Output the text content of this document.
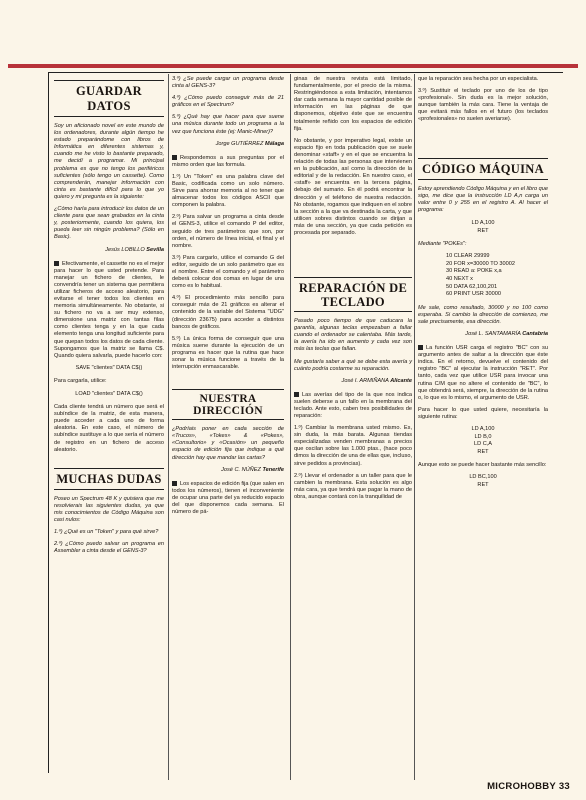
GUARDAR DATOS

Soy un aficionado novel en este mundo de los ordenadores, durante algún tiempo he estado preparándome con libros de Informática en diferentes sistemas y, cuando me he visto lo bastante preparado, me decidí a programar. Mi principal problema es que no tengo los periféricos suficientes (sólo tengo un cassette). Como comprenderán, manejar información con cinta es bastante difícil para lo que yo quiero y mi pregunta es la siguiente:

¿Cómo haría para introducir los datos de un cliente para que sean grabados en la cinta y, posteriormente, cuando los quiera, los pueda leer sin ningún problema? (Sólo en Basic).

Jesús LOBILLO Sevilla

Efectivamente, el cassette no es el mejor para hacer lo que usted pretende. Para manejar un fichero de clientes, le convendría tener un sistema que permitiera utilizar ficheros de acceso aleatorio, para evitarse el tener todos los clientes en memoria simultáneamente. No obstante, si su fichero no va a ser muy extenso, dimensione una matriz con tantas filas como clientes tenga y en la que cada elemento tenga una longitud suficiente para que quepan todos los datos de cada cliente. Supongamos que la matriz se llama C$. Quando quiera salvarla, puede hacerlo con:

SAVE "clientes" DATA C$()

Para cargarla, utilice:

LOAD "clientes" DATA C$()

Cada cliente tendrá un número que será el subíndice de la matriz, de esta manera, puede acceder a cada uno de forma aleatoria. En este caso, el número de subíndice sustituye a lo que sería el número de registro en un fichero de acceso aleatorio.

MUCHAS DUDAS

Poseo un Spectrum 48 K y quisiera que me resolvierais las siguientes dudas, ya que mis conocimientos de Código Máquina son casi nulos:

1.º) ¿Qué es un "Token" y para qué sirve?

2.º) ¿Cómo puedo salvar un programa en Assembler a cinta desde el GENS-3?

3.º) ¿Se puede cargar un programa desde cinta al GENS-3?

4.º) ¿Cómo puedo conseguir más de 21 gráficos en el Spectrum?

5.º) ¿Qué hay que hacer para que suene una música durante todo un programa a la vez que funciona éste (ej: Manic-Miner)?

Jorge GUTIÉRREZ Málaga

Respondemos a sus preguntas por el mismo orden que las formula.

1.º) Un "Token" es una palabra clave del Basic, codificada como un solo número. Sirve para ahorrar memoria al no tener que almacenar todos los códigos ASCII que componen la palabra.

2.º) Para salvar un programa a cinta desde el GENS-3, utilice el comando P del editor, seguido de tres parámetros que son, por orden, el número de línea inicial, el final y el nombre.

3.º) Para cargarlo, utilice el comando G del editor, seguido de un solo parámetro que es el nombre. Entre el comando y el parámetro deberá colocar dos comas en lugar de una como es lo habitual.

4.º) El procedimiento más sencillo para conseguir más de 21 gráficos es alterar el contenido de la variable del Sistema "UDG" (dirección 23675) para acceder a distintos bancos de gráficos.

5.º) La única forma de conseguir que una música suene durante la ejecución de un programa es hacer que la rutina que hace sonar la música funcione a través de la interrupción enmascarable.

NUESTRA DIRECCIÓN

¿Podríais poner en cada sección de «Trucos», «Tokes» & «Pokes», «Consultorio» y «Ocasión» un pequeño espacio de edición fija que indique a qué dirección hay que mandar las cartas?

José C. NÚÑEZ Tenerife

Los espacios de edición fija (que salen en todos los números), tienen el inconveniente de ocupar una parte del ya reducido espacio del que disponemos cada semana. El número de pá-

ginas de nuestra revista está limitado, fundamentalmente, por el precio de la misma. Restringiéndonos a esta limitación, intentamos dar cada semana la mayor cantidad posible de información en las páginas de que disponemos, objetivo éste que se encuentra totalmente reñido con los espacios de edición fija.

No obstante, y por imperativo legal, existe un espacio fijo en toda publicación que se suele denominar «staff» y en el que se encuentra la relación de todas las personas que intervienen en la publicación, así como la dirección de la editorial y de la redacción. En nuestro caso, el «staff» se encuentra en la tercera página, debajo del sumario. En él podrá encontrar la dirección y el teléfono de nuestra redacción. No obstante, rogamos que indiquen en el sobre la sección a la que va destinada la carta, y que utilicen sobres distintos cuando se dirijan a más de una sección, ya que cada petición es procesada por separado.

REPARACIÓN DE TECLADO

Pasado poco tiempo de que caducara la garantía, algunas teclas empezaban a fallar cuando el ordenador se calentaba. Más tarde, la avería ha ido en aumento y cada vez son más las teclas que fallan.

Me gustaría saber a qué se debe esta avería y cuánto podría costarme su reparación.

José I. ARMIÑANA Alicante

Las averías del tipo de la que nos indica suelen deberse a un fallo en la membrana del teclado. Ante esto, caben tres posibilidades de reparación:

1.º) Cambiar la membrana usted mismo. Es, sin duda, la más barata. Algunas tiendas especializadas venden membranas a precios que oscilan sobre las 1.000 ptas., (hace poco dimos la dirección de una de ellas que, incluso, sirve pedidos a provincias).

2.º) Llevar el ordenador a un taller para que le cambien la membrana. Esta solución es algo más cara, ya que tendrá que pagar la mano de obra, aunque contará con la tranquilidad de

que la reparación sea hecha por un especialista.

3.º) Sustituir el teclado por uno de los de tipo «profesional». Sin duda es la mejor solución, aunque también la más cara. Tiene la ventaja de que evitará más fallos en el futuro (los teclados «profesionales» no suelen averiarse).

CÓDIGO MÁQUINA

Estoy aprendiendo Código Máquina y en el libro que sigo, me dice que la instrucción LD A,n carga un valor entre 0 y 255 en el registro A. Al hacer el programa:

LD A,100
RET

Mediante "POKEs":

10 CLEAR 29999
20 FOR x=30000 TO 30002
30 READ a: POKE x,a
40 NEXT x
50 DATA 62,100,201
60 PRINT USR 30000

Me sale, como resultado, 30000 y no 100 como esperaba. Si cambio la dirección de comienzo, me sale precisamente, esa dirección.

José L. SANTAMARÍA Cantabria

La función USR carga el registro "BC" con su argumento antes de saltar a la dirección que éste indica. En el retorno, devuelve el contenido del registro "BC" al ejecutar la instrucción "RET". Por tanto, cada vez que utilice USR para invocar una rutina C/M que no altere el contenido de "BC", lo que obtendrá será, siempre, la dirección de la rutina o, lo que es lo mismo, el argumento de USR.

Para hacer lo que usted quiere, necesitaría la siguiente rutina:

LD A,100
LD B,0
LD C,A
RET

Aunque esto se puede hacer bastante más sencillo:

LD BC,100
RET
MICROHOBBY 33
